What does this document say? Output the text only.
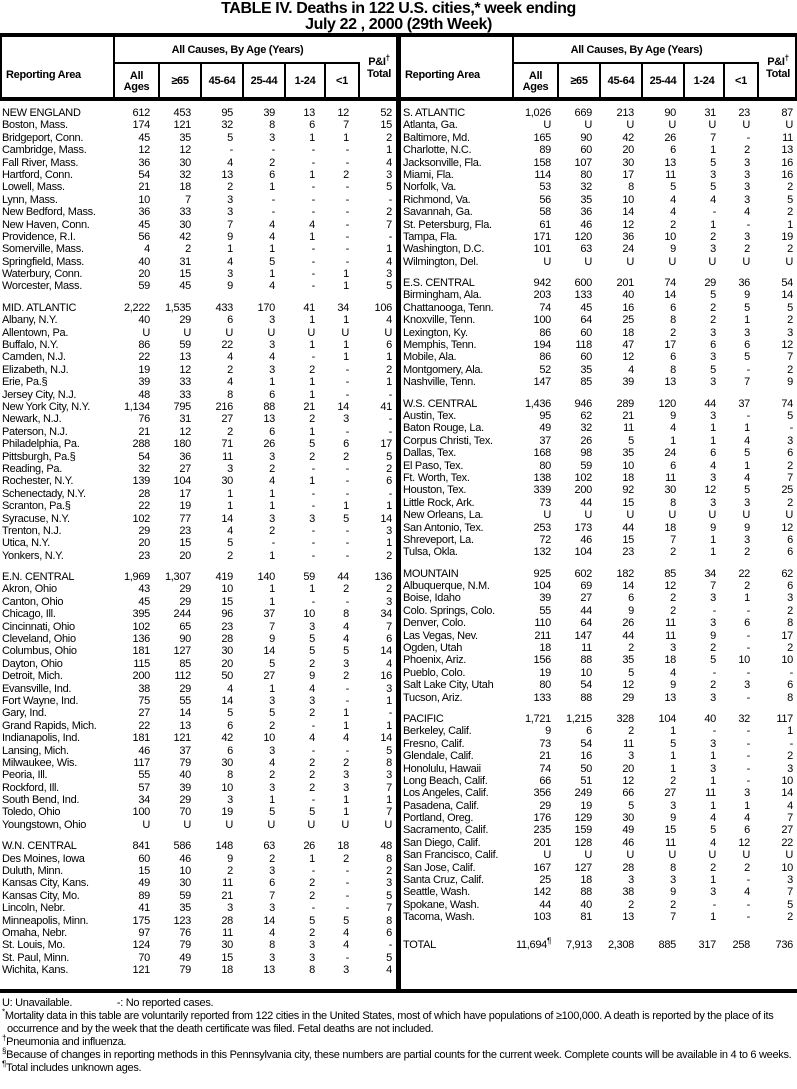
TABLE IV. Deaths in 122 U.S. cities,* week ending
July 22 , 2000 (29th Week)
Reporting Area
All Causes, By Age (Years)
All Ages	≥65	45-64	25-44	1-24	<1
P&I†
Total
NEW ENGLAND	612	453	95	39	13	12	52
Boston, Mass.	174	121	32	8	6	7	15
Bridgeport, Conn.	45	35	5	3	1	1	2
Cambridge, Mass.	12	12	-	-	-	-	1
Fall River, Mass.	36	30	4	2	-	-	4
Hartford, Conn.	54	32	13	6	1	2	3
Lowell, Mass.	21	18	2	1	-	-	5
Lynn, Mass.	10	7	3	-	-	-	-
New Bedford, Mass.	36	33	3	-	-	-	2
New Haven, Conn.	45	30	7	4	4	-	7
Providence, R.I.	56	42	9	4	1	-	-
Somerville, Mass.	4	2	1	1	-	-	1
Springfield, Mass.	40	31	4	5	-	-	4
Waterbury, Conn.	20	15	3	1	-	1	3
Worcester, Mass.	59	45	9	4	-	1	5
MID. ATLANTIC	2,222	1,535	433	170	41	34	106
Albany, N.Y.	40	29	6	3	1	1	4
Allentown, Pa.	U	U	U	U	U	U	U
Buffalo, N.Y.	86	59	22	3	1	1	6
Camden, N.J.	22	13	4	4	-	1	1
Elizabeth, N.J.	19	12	2	3	2	-	2
Erie, Pa.§	39	33	4	1	1	-	1
Jersey City, N.J.	48	33	8	6	1	-	-
New York City, N.Y.	1,134	795	216	88	21	14	41
Newark, N.J.	76	31	27	13	2	3	-
Paterson, N.J.	21	12	2	6	1	-	-
Philadelphia, Pa.	288	180	71	26	5	6	17
Pittsburgh, Pa.§	54	36	11	3	2	2	5
Reading, Pa.	32	27	3	2	-	-	2
Rochester, N.Y.	139	104	30	4	1	-	6
Schenectady, N.Y.	28	17	1	1	-	-	-
Scranton, Pa.§	22	19	1	1	-	1	1
Syracuse, N.Y.	102	77	14	3	3	5	14
Trenton, N.J.	29	23	4	2	-	-	3
Utica, N.Y.	20	15	5	-	-	-	1
Yonkers, N.Y.	23	20	2	1	-	-	2
E.N. CENTRAL	1,969	1,307	419	140	59	44	136
Akron, Ohio	43	29	10	1	1	2	2
Canton, Ohio	45	29	15	1	-	-	3
Chicago, Ill.	395	244	96	37	10	8	34
Cincinnati, Ohio	102	65	23	7	3	4	7
Cleveland, Ohio	136	90	28	9	5	4	6
Columbus, Ohio	181	127	30	14	5	5	14
Dayton, Ohio	115	85	20	5	2	3	4
Detroit, Mich.	200	112	50	27	9	2	16
Evansville, Ind.	38	29	4	1	4	-	3
Fort Wayne, Ind.	75	55	14	3	3	-	1
Gary, Ind.	27	14	5	5	2	1	-
Grand Rapids, Mich.	22	13	6	2	-	1	1
Indianapolis, Ind.	181	121	42	10	4	4	14
Lansing, Mich.	46	37	6	3	-	-	5
Milwaukee, Wis.	117	79	30	4	2	2	8
Peoria, Ill.	55	40	8	2	2	3	3
Rockford, Ill.	57	39	10	3	2	3	7
South Bend, Ind.	34	29	3	1	-	1	1
Toledo, Ohio	100	70	19	5	5	1	7
Youngstown, Ohio	U	U	U	U	U	U	U
W.N. CENTRAL	841	586	148	63	26	18	48
Des Moines, Iowa	60	46	9	2	1	2	8
Duluth, Minn.	15	10	2	3	-	-	2
Kansas City, Kans.	49	30	11	6	2	-	3
Kansas City, Mo.	89	59	21	7	2	-	5
Lincoln, Nebr.	41	35	3	3	-	-	7
Minneapolis, Minn.	175	123	28	14	5	5	8
Omaha, Nebr.	97	76	11	4	2	4	6
St. Louis, Mo.	124	79	30	8	3	4	-
St. Paul, Minn.	70	49	15	3	3	-	5
Wichita, Kans.	121	79	18	13	8	3	4
Reporting Area
All Causes, By Age (Years)
All Ages	≥65	45-64	25-44	1-24	<1
P&I†
Total
S. ATLANTIC	1,026	669	213	90	31	23	87
Atlanta, Ga.	U	U	U	U	U	U	U
Baltimore, Md.	165	90	42	26	7	-	11
Charlotte, N.C.	89	60	20	6	1	2	13
Jacksonville, Fla.	158	107	30	13	5	3	16
Miami, Fla.	114	80	17	11	3	3	16
Norfolk, Va.	53	32	8	5	5	3	2
Richmond, Va.	56	35	10	4	4	3	5
Savannah, Ga.	58	36	14	4	-	4	2
St. Petersburg, Fla.	61	46	12	2	1	-	1
Tampa, Fla.	171	120	36	10	2	3	19
Washington, D.C.	101	63	24	9	3	2	2
Wilmington, Del.	U	U	U	U	U	U	U
E.S. CENTRAL	942	600	201	74	29	36	54
Birmingham, Ala.	203	133	40	14	5	9	14
Chattanooga, Tenn.	74	45	16	6	2	5	5
Knoxville, Tenn.	100	64	25	8	2	1	2
Lexington, Ky.	86	60	18	2	3	3	3
Memphis, Tenn.	194	118	47	17	6	6	12
Mobile, Ala.	86	60	12	6	3	5	7
Montgomery, Ala.	52	35	4	8	5	-	2
Nashville, Tenn.	147	85	39	13	3	7	9
W.S. CENTRAL	1,436	946	289	120	44	37	74
Austin, Tex.	95	62	21	9	3	-	5
Baton Rouge, La.	49	32	11	4	1	1	-
Corpus Christi, Tex.	37	26	5	1	1	4	3
Dallas, Tex.	168	98	35	24	6	5	6
El Paso, Tex.	80	59	10	6	4	1	2
Ft. Worth, Tex.	138	102	18	11	3	4	7
Houston, Tex.	339	200	92	30	12	5	25
Little Rock, Ark.	73	44	15	8	3	3	2
New Orleans, La.	U	U	U	U	U	U	U
San Antonio, Tex.	253	173	44	18	9	9	12
Shreveport, La.	72	46	15	7	1	3	6
Tulsa, Okla.	132	104	23	2	1	2	6
MOUNTAIN	925	602	182	85	34	22	62
Albuquerque, N.M.	104	69	14	12	7	2	6
Boise, Idaho	39	27	6	2	3	1	3
Colo. Springs, Colo.	55	44	9	2	-	-	2
Denver, Colo.	110	64	26	11	3	6	8
Las Vegas, Nev.	211	147	44	11	9	-	17
Ogden, Utah	18	11	2	3	2	-	2
Phoenix, Ariz.	156	88	35	18	5	10	10
Pueblo, Colo.	19	10	5	4	-	-	-
Salt Lake City, Utah	80	54	12	9	2	3	6
Tucson, Ariz.	133	88	29	13	3	-	8
PACIFIC	1,721	1,215	328	104	40	32	117
Berkeley, Calif.	9	6	2	1	-	-	1
Fresno, Calif.	73	54	11	5	3	-	-
Glendale, Calif.	21	16	3	1	1	-	2
Honolulu, Hawaii	74	50	20	1	3	-	3
Long Beach, Calif.	66	51	12	2	1	-	10
Los Angeles, Calif.	356	249	66	27	11	3	14
Pasadena, Calif.	29	19	5	3	1	1	4
Portland, Oreg.	176	129	30	9	4	4	7
Sacramento, Calif.	235	159	49	15	5	6	27
San Diego, Calif.	201	128	46	11	4	12	22
San Francisco, Calif.	U	U	U	U	U	U	U
San Jose, Calif.	167	127	28	8	2	2	10
Santa Cruz, Calif.	25	18	3	3	1	-	3
Seattle, Wash.	142	88	38	9	3	4	7
Spokane, Wash.	44	40	2	2	-	-	5
Tacoma, Wash.	103	81	13	7	1	-	2
TOTAL	11,694¶	7,913	2,308	885	317	258	736
U: Unavailable.	-: No reported cases.
*Mortality data in this table are voluntarily reported from 122 cities in the United States, most of which have populations of ≥100,000. A death is reported by the place of its occurrence and by the week that the death certificate was filed. Fetal deaths are not included.
†Pneumonia and influenza.
§Because of changes in reporting methods in this Pennsylvania city, these numbers are partial counts for the current week. Complete counts will be available in 4 to 6 weeks.
¶Total includes unknown ages.
